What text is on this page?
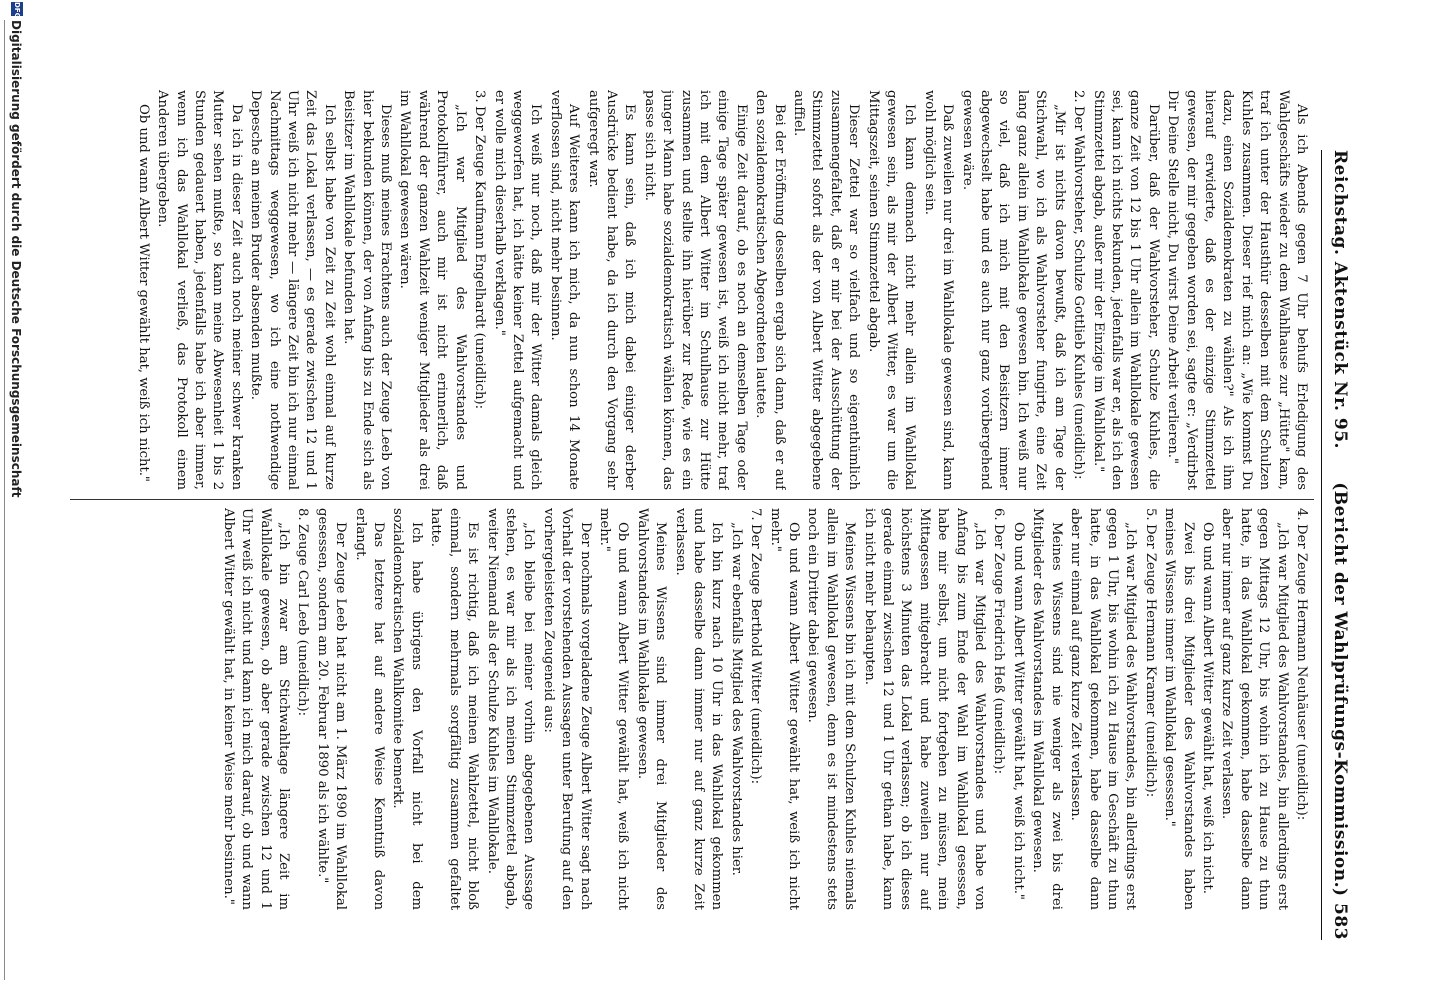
Reichstag. Aktenstück Nr. 95.
(Bericht der Wahlprüfungs-Kommission.) 583

Als ich Abends gegen 7 Uhr behufs Erledigung des Wahlgeschäfts wieder zu dem Wahlhause zur „Hütte" kam, traf ich unter der Hausthür desselben mit dem Schulzen Kuhles zusammen. Dieser rief mich an: „Wie kommst Du dazu, einen Sozialdemokraten zu wählen?" Als ich ihm hierauf erwiderte, daß es der einzige Stimmzettel gewesen, der mir gegeben worden sei, sagte er: „Verdirbst Dir Deine Stelle nicht, Du wirst Deine Arbeit verlieren."

Darüber, daß der Wahlvorsteher, Schulze Kuhles, die ganze Zeit von 12 bis 1 Uhr allein im Wahllokale gewesen sei, kann ich nichts bekunden, jedenfalls war er, als ich den Stimmzettel abgab, außer mir der Einzige im Wahllokal."

2.Der Wahlvorsteher, Schulze Gottlieb Kuhles (uneidlich):

„Mir ist nichts davon bewußt, daß ich am Tage der Stichwahl, wo ich als Wahlvorsteher fungirte, eine Zeit lang ganz allein im Wahllokale gewesen bin. Ich weiß nur so viel, daß ich mich mit den Beisitzern immer abgewechselt habe und es auch nur ganz vorübergehend gewesen wäre.

Daß zuweilen nur drei im Wahllokale gewesen sind, kann wohl möglich sein.

Ich kann demnach nicht mehr allein im Wahllokal gewesen sein, als mir der Albert Witter, es war um die Mittagszeit, seinen Stimmzettel abgab.

Dieser Zettel war so vielfach und so eigenthümlich zusammengefaltet, daß er mir bei der Ausschüttung der Stimmzettel sofort als der von Albert Witter abgegebene auffiel.

Bei der Eröffnung desselben ergab sich dann, daß er auf den sozialdemokratischen Abgeordneten lautete.

Einige Zeit darauf, ob es noch an demselben Tage oder einige Tage später gewesen ist, weiß ich nicht mehr, traf ich mit dem Albert Witter im Schulhause zur Hütte zusammen und stellte ihn hierüber zur Rede, wie es ein junger Mann habe sozialdemokratisch wählen können, das passe sich nicht.

Es kann sein, daß ich mich dabei einiger derber Ausdrücke bedient habe, da ich durch den Vorgang sehr aufgeregt war.

Auf Weiteres kann ich mich, da nun schon 14 Monate verflossen sind, nicht mehr besinnen.

Ich weiß nur noch, daß mir der Witter damals gleich weggeworfen hat, ich hätte keiner Zettel aufgemacht und er wolle mich dieserhalb verklagen."

3.Der Zeuge Kaufmann Engelhardt (uneidlich):

„Ich war Mitglied des Wahlvorstandes und Protokollführer, auch mir ist nicht erinnerlich, daß während der ganzen Wahlzeit weniger Mitglieder als drei im Wahllokal gewesen wären.

Dieses muß meines Erachtens auch der Zeuge Leeb von hier bekunden können, der von Anfang bis zu Ende sich als Beisitzer im Wahllokale befunden hat.

Ich selbst habe von Zeit zu Zeit wohl einmal auf kurze Zeit das Lokal verlassen, — es gerade zwischen 12 und 1 Uhr weiß ich nicht mehr — längere Zeit bin ich nur einmal Nachmittags weggewesen, wo ich eine nothwendige Depesche an meinen Bruder absenden mußte.

Da ich in dieser Zeit auch noch meiner schwer kranken Mutter sehen mußte, so kann meine Abwesenheit 1 bis 2 Stunden gedauert haben, jedenfalls habe ich aber immer, wenn ich das Wahllokal verließ, das Protokoll einem Anderen übergeben.

Ob und wann Albert Witter gewählt hat, weiß ich nicht."

4.Der Zeuge Hermann Neuhäuser (uneidlich):

„Ich war Mitglied des Wahlvorstandes, bin allerdings erst gegen Mittags 12 Uhr, bis wohin ich zu Hause zu thun hatte, in das Wahllokal gekommen, habe dasselbe dann aber nur immer auf ganz kurze Zeit verlassen.

Ob und wann Albert Witter gewählt hat, weiß ich nicht.

Zwei bis drei Mitglieder des Wahlvorstandes haben meines Wissens immer im Wahllokal gesessen."

5.Der Zeuge Hermann Kramer (uneidlich):

„Ich war Mitglied des Wahlvorstandes, bin allerdings erst gegen 1 Uhr, bis wohin ich zu Hause im Geschäft zu thun hatte, in das Wahllokal gekommen, habe dasselbe dann aber nur einmal auf ganz kurze Zeit verlassen.

Meines Wissens sind nie weniger als zwei bis drei Mitglieder des Wahlvorstandes im Wahllokal gewesen.

Ob und wann Albert Witter gewählt hat, weiß ich nicht."

6.Der Zeuge Friedrich Heß (uneidlich):

„Ich war Mitglied des Wahlvorstandes und habe von Anfang bis zum Ende der Wahl im Wahllokal gesessen, habe mir selbst, um nicht fortgehen zu müssen, mein Mittagessen mitgebracht und habe zuweilen nur auf höchstens 3 Minuten das Lokal verlassen; ob ich dieses gerade einmal zwischen 12 und 1 Uhr gethan habe, kann ich nicht mehr behaupten.

Meines Wissens bin ich mit dem Schulzen Kuhles niemals allein im Wahllokal gewesen, denn es ist mindestens stets noch ein Dritter dabei gewesen.

Ob und wann Albert Witter gewählt hat, weiß ich nicht mehr."

7.Der Zeuge Berthold Witter (uneidlich):

„Ich war ebenfalls Mitglied des Wahlvorstandes hier.

Ich bin kurz nach 10 Uhr in das Wahllokal gekommen und habe dasselbe dann immer nur auf ganz kurze Zeit verlassen.

Meines Wissens sind immer drei Mitglieder des Wahlvorstandes im Wahllokale gewesen.

Ob und wann Albert Witter gewählt hat, weiß ich nicht mehr."

Der nochmals vorgeladene Zeuge Albert Witter sagt nach Vorhalt der vorstehenden Aussagen unter Berufung auf den vorhergeleisteten Zeugeneid aus:

„Ich bleibe bei meiner vorhin abgegebenen Aussage stehen, es war mir als ich meinen Stimmzettel abgab, weiter Niemand als der Schulze Kuhles im Wahllokale.

Es ist richtig, daß ich meinen Wahlzettel, nicht bloß einmal, sondern mehrmals sorgfältig zusammen gefaltet hatte.

Ich habe übrigens den Vorfall nicht bei dem sozialdemokratischen Wahlkomitee bemerkt.

Das letztere hat auf andere Weise Kenntniß davon erlangt.

Der Zeuge Leeb hat nicht am 1. März 1890 im Wahllokal gesessen, sondern am 20. Februar 1890 als ich wählte."

8.Zeuge Carl Leeb (uneidlich):

„Ich bin zwar am Stichwahltage längere Zeit im Wahllokale gewesen, ob aber gerade zwischen 12 und 1 Uhr weiß ich nicht und kann ich mich darauf, ob und wann Albert Witter gewählt hat, in keiner Weise mehr besinnen."

DFG
Digitalisierung gefördert durch die Deutsche Forschungsgemeinschaft
